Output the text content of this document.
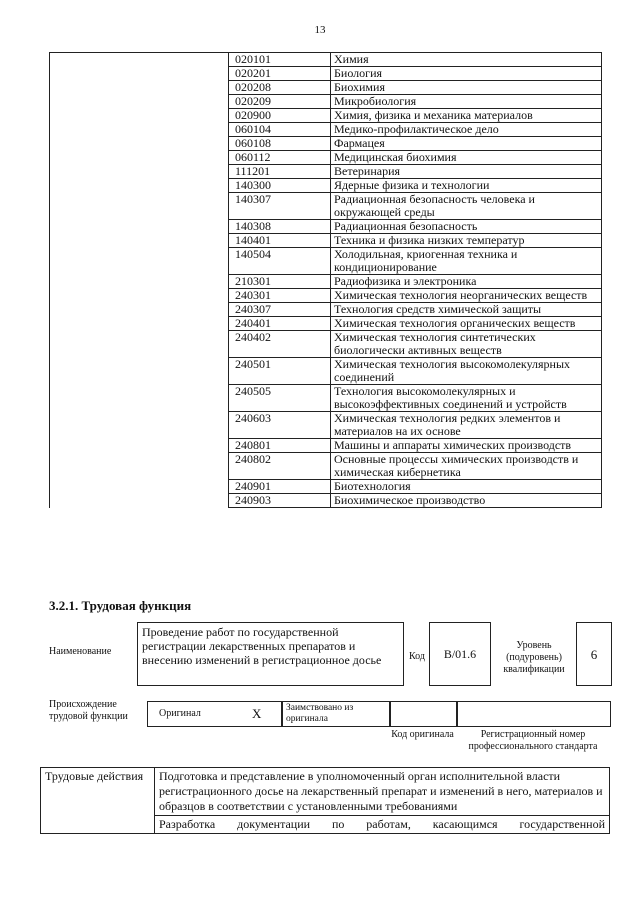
13
	020101	Химия
	020201	Биология
	020208	Биохимия
	020209	Микробиология
	020900	Химия, физика и механика материалов
	060104	Медико-профилактическое дело
	060108	Фармацея
	060112	Медицинская биохимия
	111201	Ветеринария
	140300	Ядерные физика и технологии
	140307	Радиационная безопасность человека и окружающей среды
	140308	Радиационная безопасность
	140401	Техника и физика низких температур
	140504	Холодильная, криогенная техника и кондиционирование
	210301	Радиофизика и электроника
	240301	Химическая технология неорганических веществ
	240307	Технология средств химической защиты
	240401	Химическая технология органических веществ
	240402	Химическая технология синтетических биологически активных веществ
	240501	Химическая технология высокомолекулярных соединений
	240505	Технология высокомолекулярных и высокоэффективных соединений и устройств
	240603	Химическая технология редких элементов и материалов на их основе
	240801	Машины и аппараты химических производств
	240802	Основные процессы химических производств и химическая кибернетика
	240901	Биотехнология
	240903	Биохимическое производство
3.2.1. Трудовая функция
Наименование
Проведение работ по государственной регистрации лекарственных препаратов и внесению изменений в регистрационное досье	Код	B/01.6
Уровень (подуровень) квалификации
6
Происхождение трудовой функции	Оригинал	X	Заимствовано из оригинала
Код оригинала	Регистрационный номер профессионального стандарта
Трудовые действия	Подготовка и представление в уполномоченный орган исполнительной власти регистрационного досье на лекарственный препарат и изменений в него, материалов и образцов в соответствии с установленными требованиями
Разработка документации по работам, касающимся государственной
